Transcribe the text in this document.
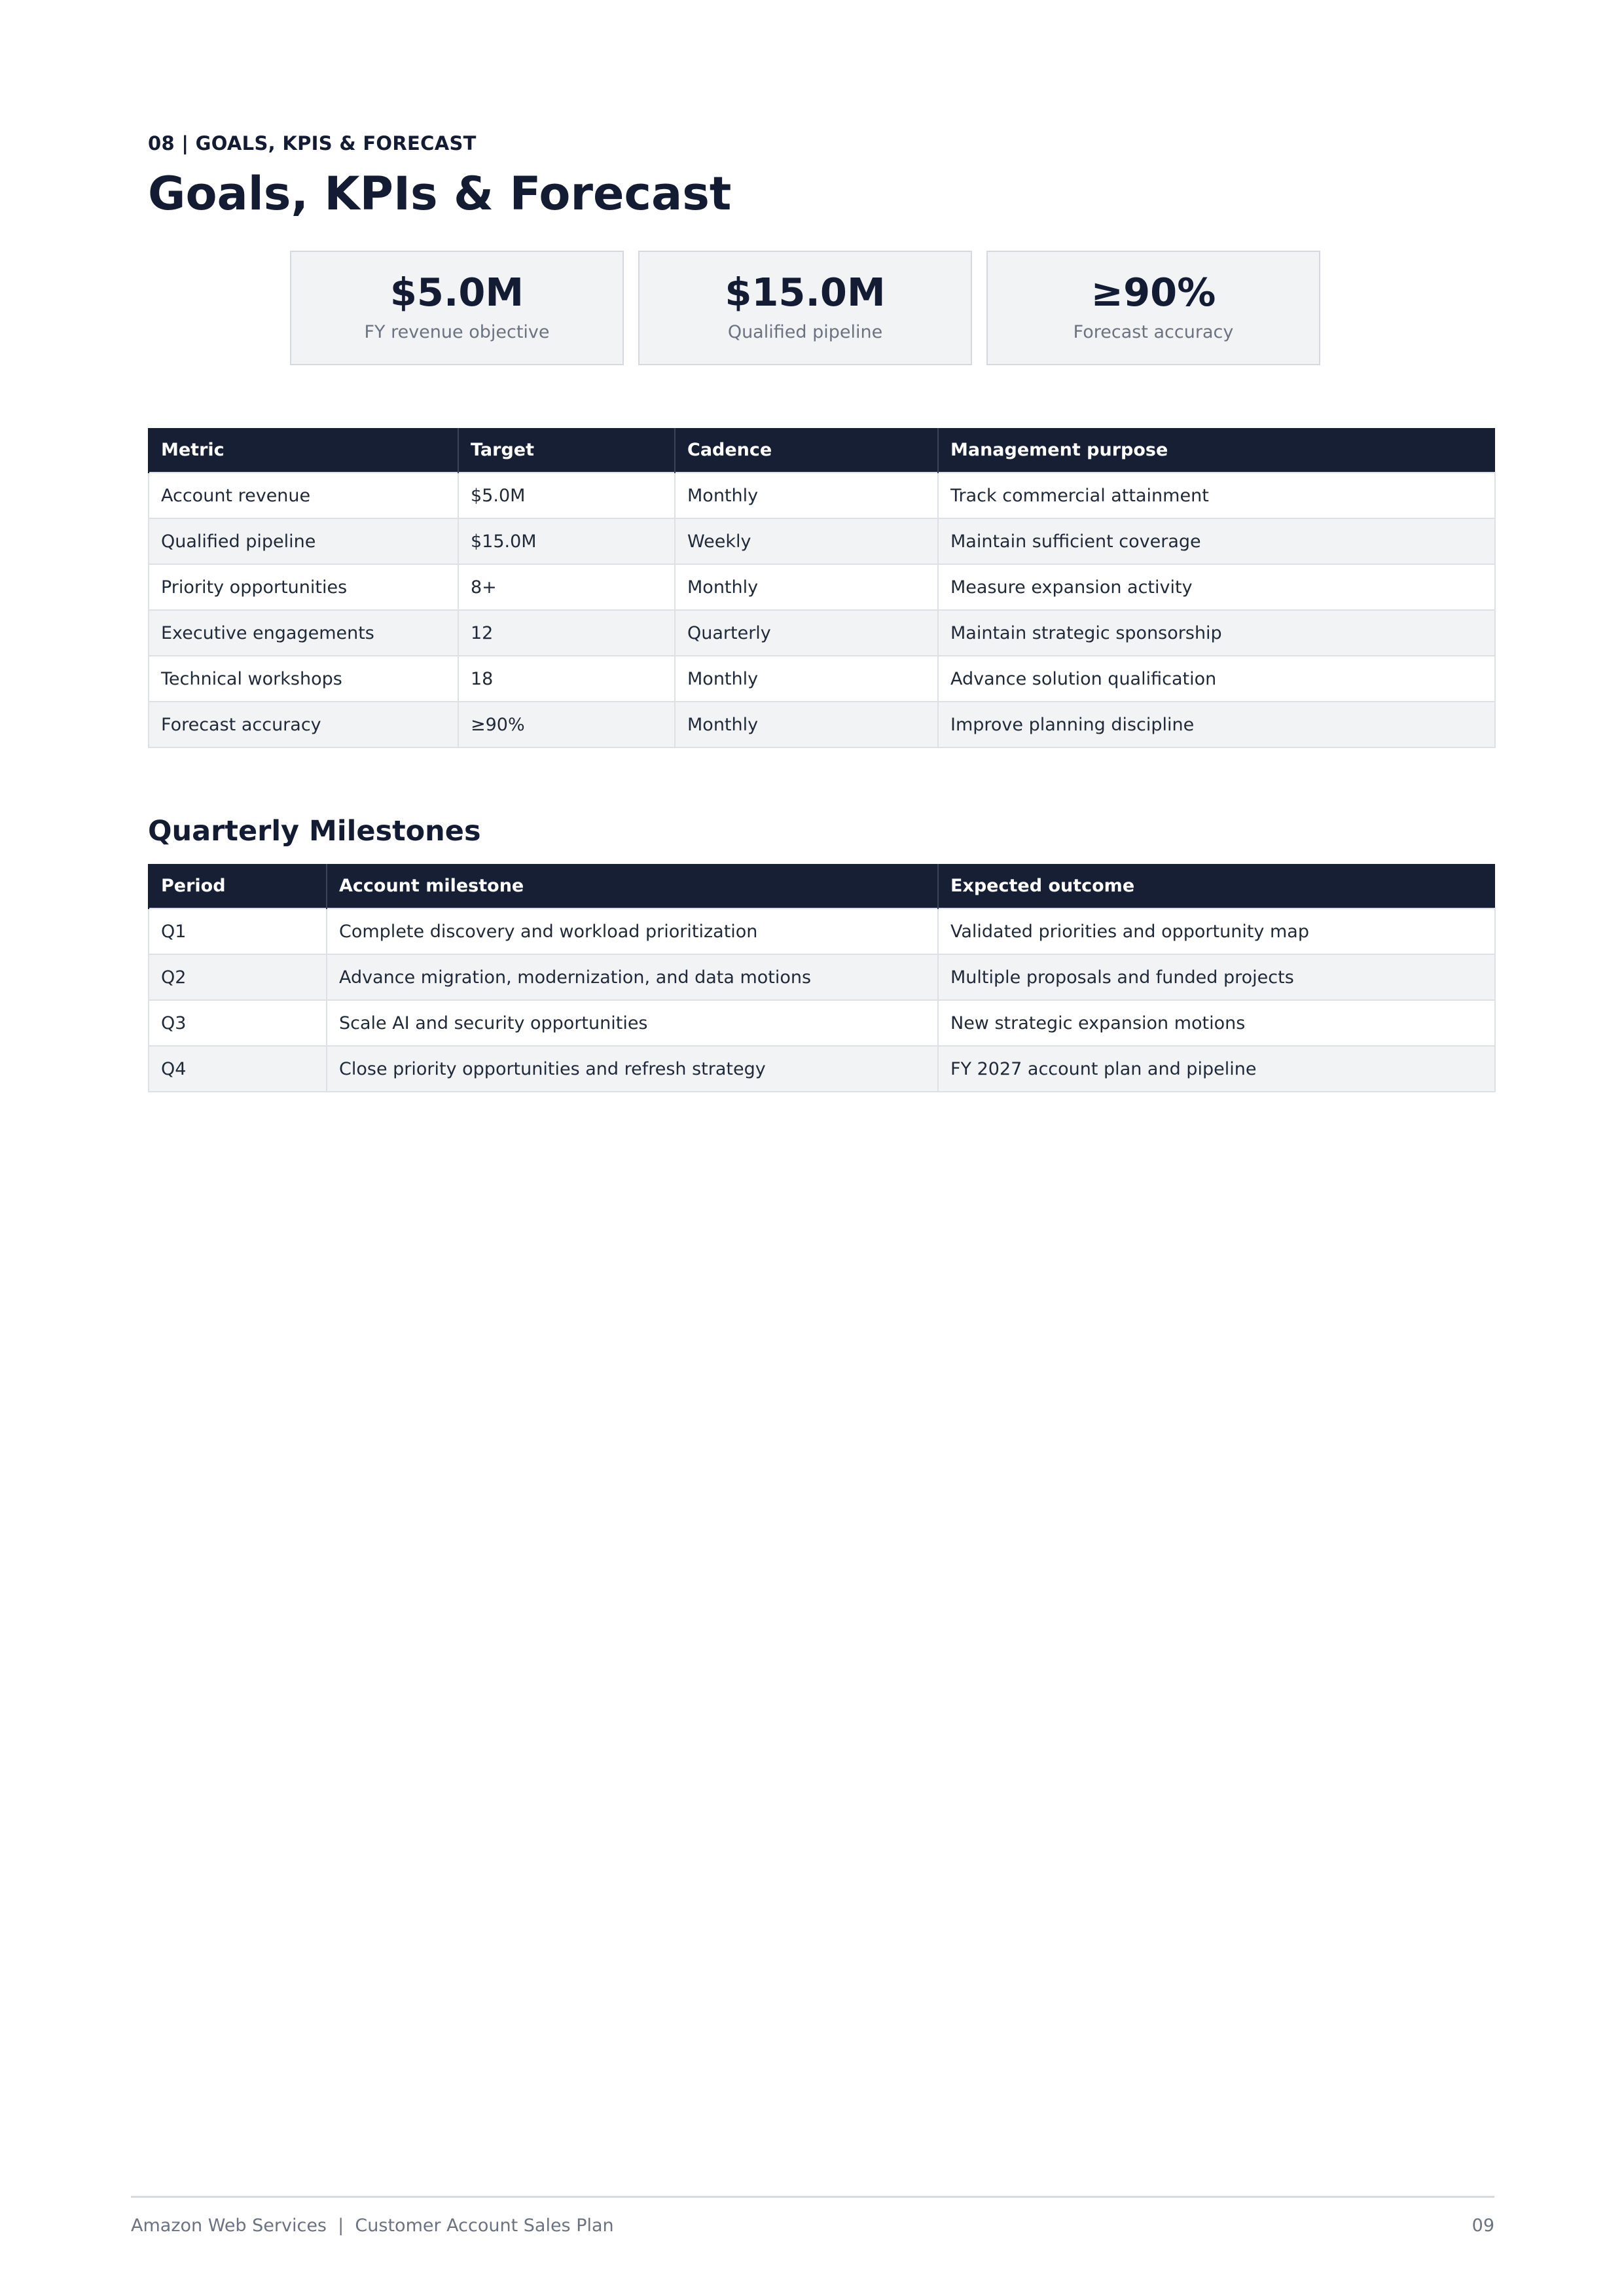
08 | GOALS, KPIS & FORECAST
Goals, KPIs & Forecast
$5.0M
FY revenue objective
$15.0M
Qualified pipeline
≥90%
Forecast accuracy
Metric	Target	Cadence	Management purpose
Account revenue	$5.0M	Monthly	Track commercial attainment
Qualified pipeline	$15.0M	Weekly	Maintain sufficient coverage
Priority opportunities	8+	Monthly	Measure expansion activity
Executive engagements	12	Quarterly	Maintain strategic sponsorship
Technical workshops	18	Monthly	Advance solution qualification
Forecast accuracy	≥90%	Monthly	Improve planning discipline
Quarterly Milestones
Period	Account milestone	Expected outcome
Q1	Complete discovery and workload prioritization	Validated priorities and opportunity map
Q2	Advance migration, modernization, and data motions	Multiple proposals and funded projects
Q3	Scale AI and security opportunities	New strategic expansion motions
Q4	Close priority opportunities and refresh strategy	FY 2027 account plan and pipeline
Amazon Web Services  |  Customer Account Sales Plan	09
